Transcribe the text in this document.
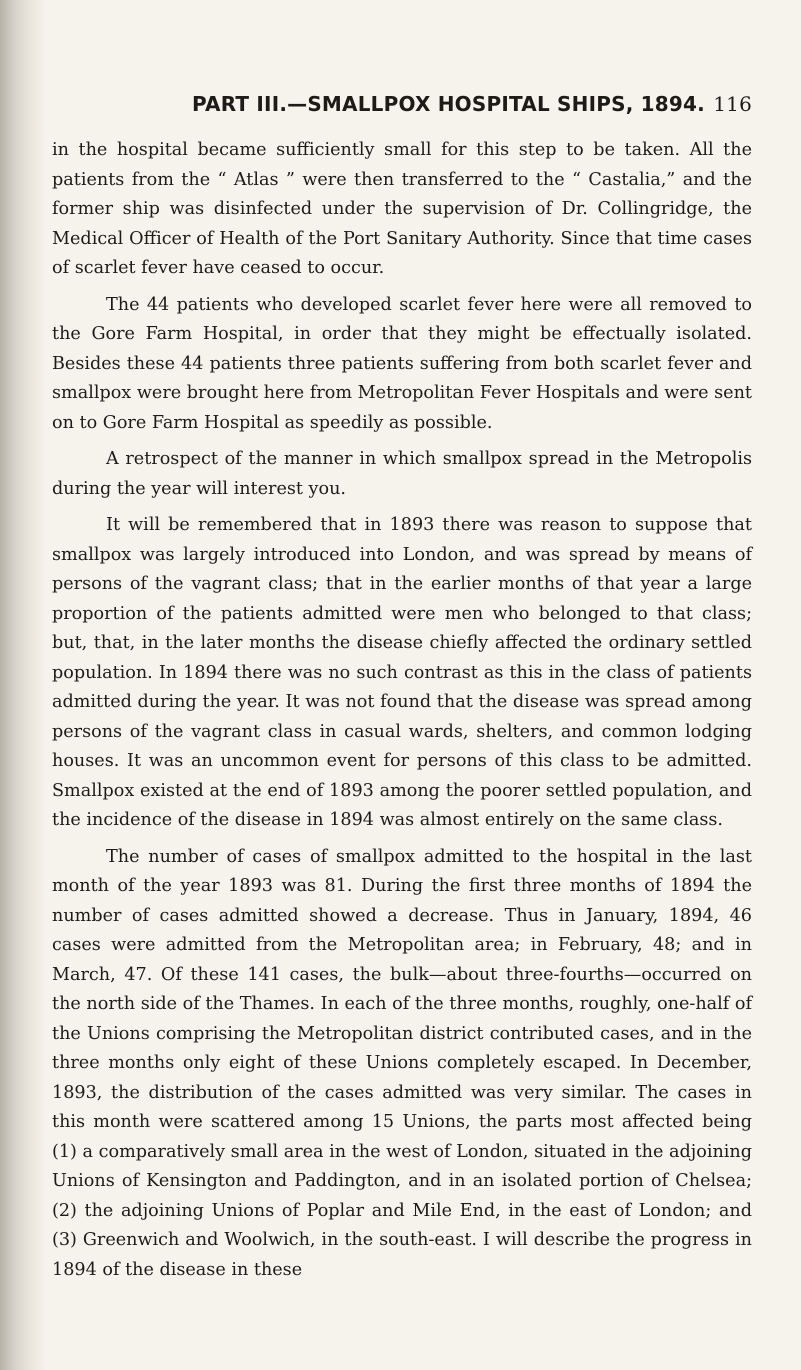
PART III.—SMALLPOX HOSPITAL SHIPS, 1894. 116

in the hospital became sufficiently small for this step to be taken. All the patients from the “ Atlas ” were then transferred to the “ Castalia,” and the former ship was disinfected under the supervision of Dr. Collingridge, the Medical Officer of Health of the Port Sanitary Authority. Since that time cases of scarlet fever have ceased to occur.

The 44 patients who developed scarlet fever here were all removed to the Gore Farm Hospital, in order that they might be effectually isolated. Besides these 44 patients three patients suffering from both scarlet fever and smallpox were brought here from Metropolitan Fever Hospitals and were sent on to Gore Farm Hospital as speedily as possible.

A retrospect of the manner in which smallpox spread in the Metropolis during the year will interest you.

It will be remembered that in 1893 there was reason to suppose that smallpox was largely introduced into London, and was spread by means of persons of the vagrant class; that in the earlier months of that year a large proportion of the patients admitted were men who belonged to that class; but, that, in the later months the disease chiefly affected the ordinary settled population. In 1894 there was no such contrast as this in the class of patients admitted during the year. It was not found that the disease was spread among persons of the vagrant class in casual wards, shelters, and common lodging houses. It was an uncommon event for persons of this class to be admitted. Smallpox existed at the end of 1893 among the poorer settled population, and the incidence of the disease in 1894 was almost entirely on the same class.

The number of cases of smallpox admitted to the hospital in the last month of the year 1893 was 81. During the first three months of 1894 the number of cases admitted showed a decrease. Thus in January, 1894, 46 cases were admitted from the Metropolitan area; in February, 48; and in March, 47. Of these 141 cases, the bulk—about three-fourths—occurred on the north side of the Thames. In each of the three months, roughly, one-half of the Unions comprising the Metropolitan district contributed cases, and in the three months only eight of these Unions completely escaped. In December, 1893, the distribution of the cases admitted was very similar. The cases in this month were scattered among 15 Unions, the parts most affected being (1) a comparatively small area in the west of London, situated in the adjoining Unions of Kensington and Paddington, and in an isolated portion of Chelsea; (2) the adjoining Unions of Poplar and Mile End, in the east of London; and (3) Greenwich and Woolwich, in the south-east. I will describe the progress in 1894 of the disease in these
